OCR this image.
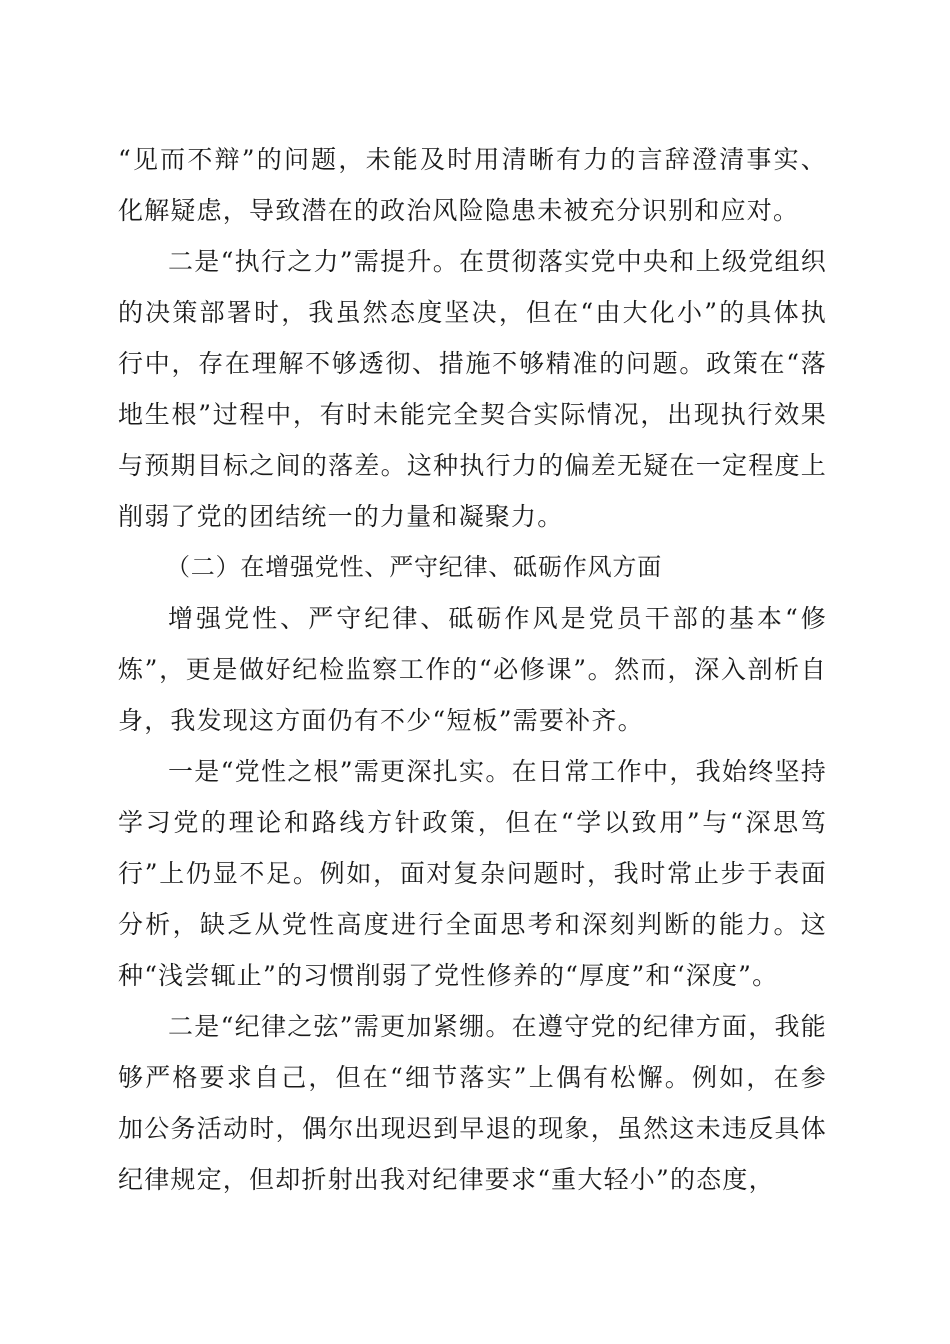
“见而不辩”的问题，未能及时用清晰有力的言辞澄清事实、化解疑虑，导致潜在的政治风险隐患未被充分识别和应对。

二是“执行之力”需提升。在贯彻落实党中央和上级党组织的决策部署时，我虽然态度坚决，但在“由大化小”的具体执行中，存在理解不够透彻、措施不够精准的问题。政策在“落地生根”过程中，有时未能完全契合实际情况，出现执行效果与预期目标之间的落差。这种执行力的偏差无疑在一定程度上削弱了党的团结统一的力量和凝聚力。

（二）在增强党性、严守纪律、砥砺作风方面

增强党性、严守纪律、砥砺作风是党员干部的基本“修炼”，更是做好纪检监察工作的“必修课”。然而，深入剖析自身，我发现这方面仍有不少“短板”需要补齐。

一是“党性之根”需更深扎实。在日常工作中，我始终坚持学习党的理论和路线方针政策，但在“学以致用”与“深思笃行”上仍显不足。例如，面对复杂问题时，我时常止步于表面分析，缺乏从党性高度进行全面思考和深刻判断的能力。这种“浅尝辄止”的习惯削弱了党性修养的“厚度”和“深度”。

二是“纪律之弦”需更加紧绷。在遵守党的纪律方面，我能够严格要求自己，但在“细节落实”上偶有松懈。例如，在参加公务活动时，偶尔出现迟到早退的现象，虽然这未违反具体纪律规定，但却折射出我对纪律要求“重大轻小”的态度，
